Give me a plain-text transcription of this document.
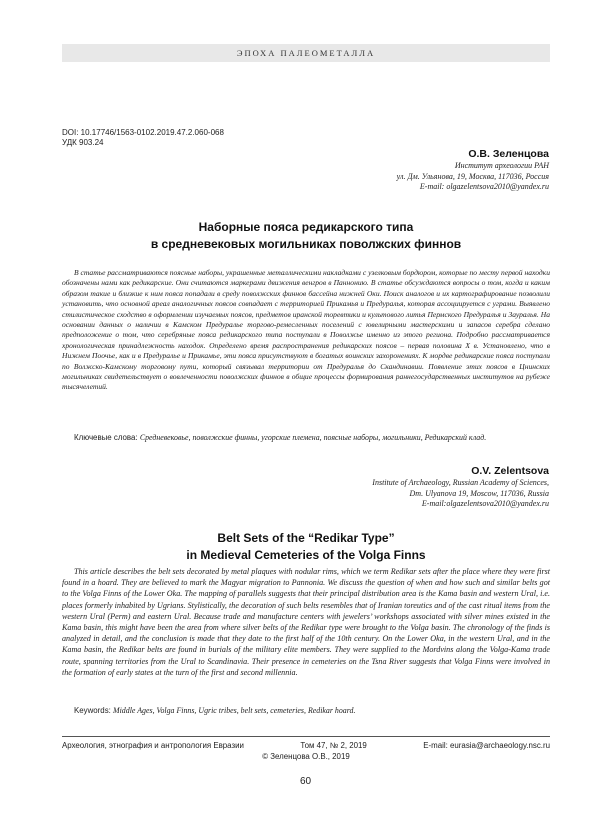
ЭПОХА ПАЛЕОМЕТАЛЛА
DOI: 10.17746/1563-0102.2019.47.2.060-068
УДК 903.24
О.В. Зеленцова
Институт археологии РАН
ул. Дм. Ульянова, 19, Москва, 117036, Россия
E-mail: olgazelentsova2010@yandex.ru
Наборные пояса редикарского типа
в средневековых могильниках поволжских финнов

В статье рассматриваются поясные наборы, украшенные металлическими накладками с узелковым бордюром, которые по месту первой находки обозначены нами как редикарские. Они считаются маркерами движения венгров в Паннонию. В статье обсуждаются вопросы о том, когда и каким образом такие и близкие к ним пояса попадали в среду поволжских финнов бассейна нижней Оки. Поиск аналогов и их картографирование позволили установить, что основной ареал аналогичных поясов совпадает с территорией Прикамья и Предуралья, которая ассоциируется с уграми. Выявлено стилистическое сходство в оформлении изучаемых поясов, предметов иранской торевтики и культового литья Пермского Предуралья и Зауралья. На основании данных о наличии в Камском Предуралье торгово-ремесленных поселений с ювелирными мастерскими и запасов серебра сделано предположение о том, что серебряные пояса редикарского типа поступали в Поволжье именно из этого региона. Подробно рассматривается хронологическая принадлежность находок. Определено время распространения редикарских поясов – первая половина X в. Установлено, что в Нижнем Поочье, как и в Предуралье и Прикамье, эти пояса присутствуют в богатых воинских захоронениях. К мордве редикарские пояса поступали по Волжско-Камскому торговому пути, который связывал территории от Предуралья до Скандинавии. Появление этих поясов в Цнинских могильниках свидетельствует о вовлеченности поволжских финнов в общие процессы формирования раннегосударственных институтов на рубеже тысячелетий.

Ключевые слова: Средневековье, поволжские финны, угорские племена, поясные наборы, могильники, Редикарский клад.
O.V. Zelentsova
Institute of Archaeology, Russian Academy of Sciences,
Dm. Ulyanova 19, Moscow, 117036, Russia
E-mail:olgazelentsova2010@yandex.ru
Belt Sets of the “Redikar Type”
in Medieval Cemeteries of the Volga Finns

This article describes the belt sets decorated by metal plaques with nodular rims, which we term Redikar sets after the place where they were first found in a hoard. They are believed to mark the Magyar migration to Pannonia. We discuss the question of when and how such and similar belts got to the Volga Finns of the Lower Oka. The mapping of parallels suggests that their principal distribution area is the Kama basin and western Ural, i.e. places formerly inhabited by Ugrians. Stylistically, the decoration of such belts resembles that of Iranian toreutics and of the cast ritual items from the western Ural (Perm) and eastern Ural. Because trade and manufacture centers with jewelers’ workshops associated with silver mines existed in the Kama basin, this might have been the area from where silver belts of the Redikar type were brought to the Volga basin. The chronology of the finds is analyzed in detail, and the conclusion is made that they date to the first half of the 10th century. On the Lower Oka, in the western Ural, and in the Kama basin, the Redikar belts are found in burials of the military elite members. They were supplied to the Mordvins along the Volga-Kama trade route, spanning territories from the Ural to Scandinavia. Their presence in cemeteries on the Tsna River suggests that Volga Finns were involved in the formation of early states at the turn of the first and second millennia.

Keywords: Middle Ages, Volga Finns, Ugric tribes, belt sets, cemeteries, Redikar hoard.
Археология, этнография и антропология Евразии	Том 47, № 2, 2019	E-mail: eurasia@archaeology.nsc.ru
© Зеленцова О.В., 2019
60
